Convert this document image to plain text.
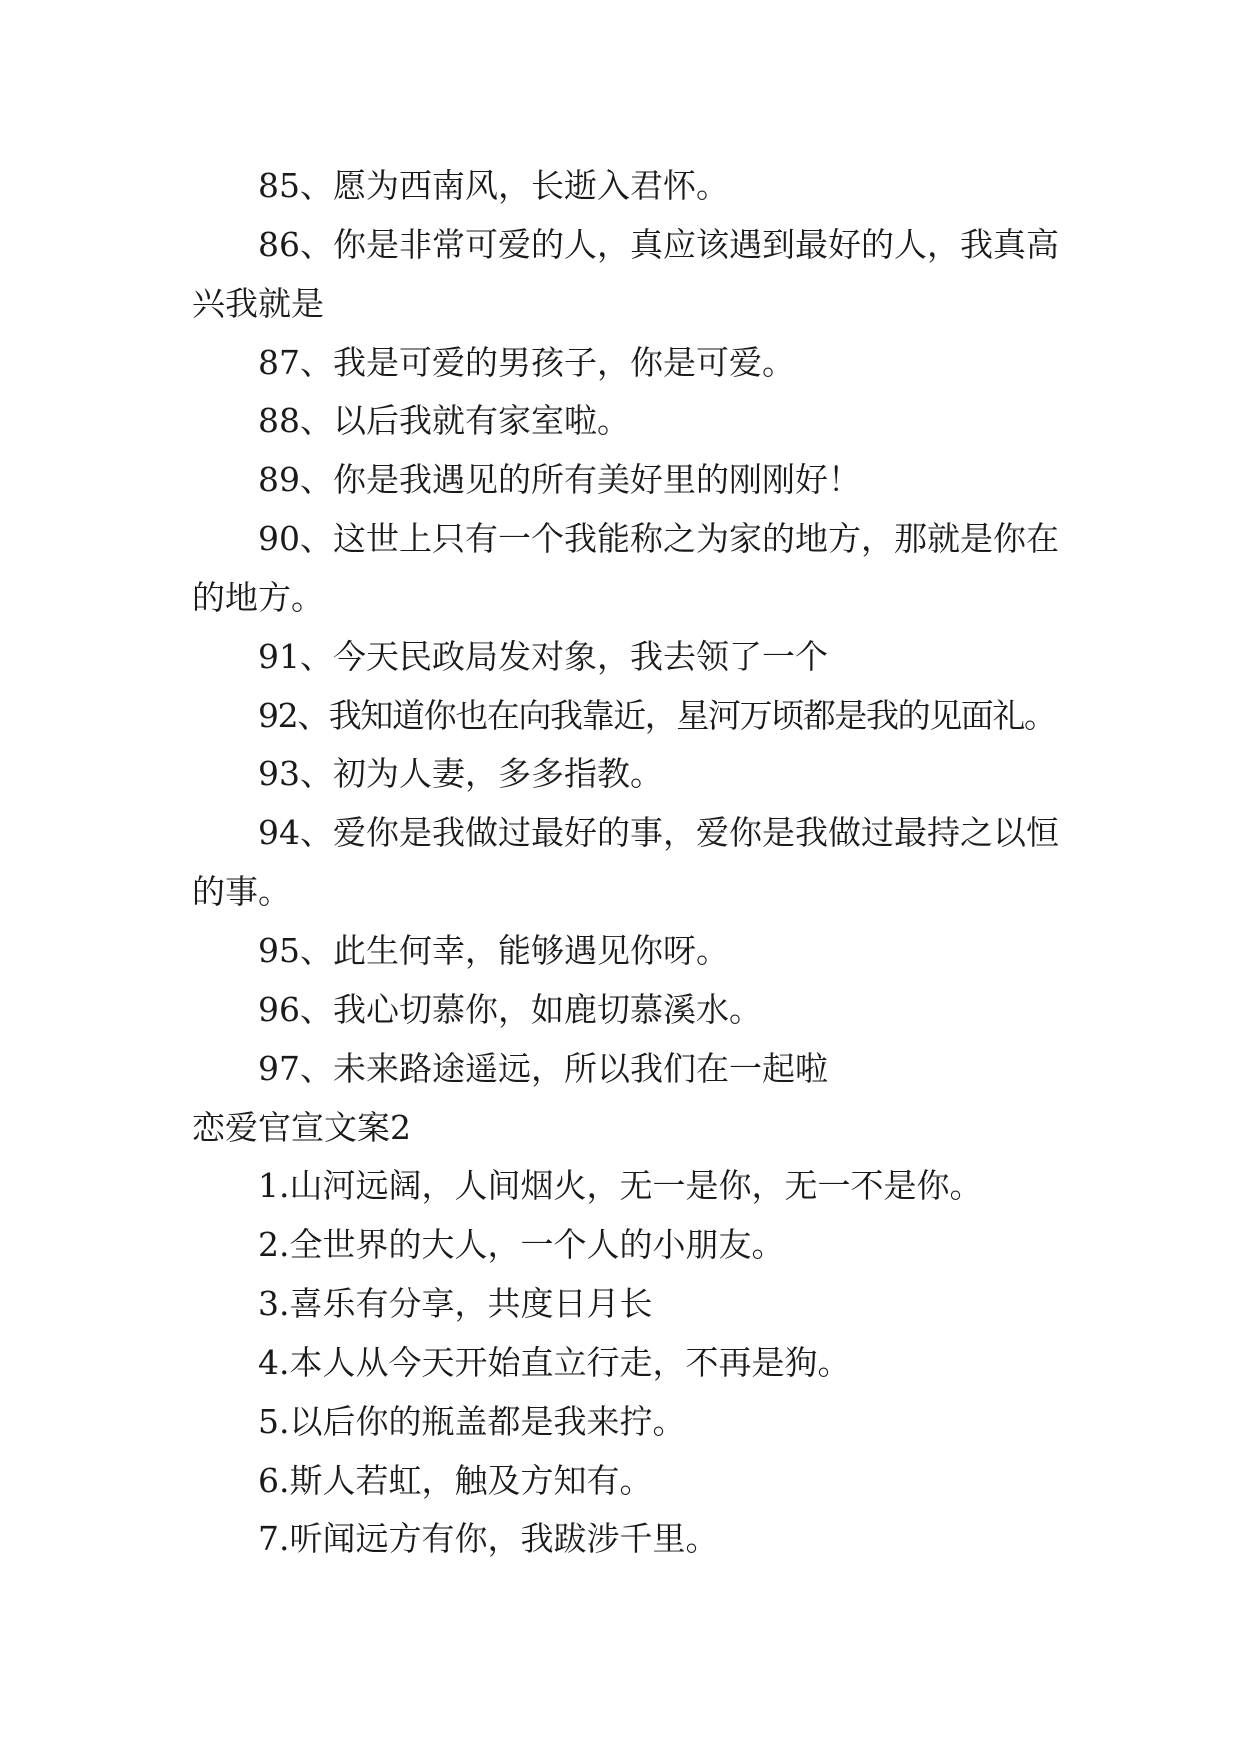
85、愿为西南风，长逝入君怀。
86、你是非常可爱的人，真应该遇到最好的人，我真高
兴我就是
87、我是可爱的男孩子，你是可爱。
88、以后我就有家室啦。
89、你是我遇见的所有美好里的刚刚好！
90、这世上只有一个我能称之为家的地方，那就是你在
的地方。
91、今天民政局发对象，我去领了一个
92、我知道你也在向我靠近，星河万顷都是我的见面礼。
93、初为人妻，多多指教。
94、爱你是我做过最好的事，爱你是我做过最持之以恒
的事。
95、此生何幸，能够遇见你呀。
96、我心切慕你，如鹿切慕溪水。
97、未来路途遥远，所以我们在一起啦
恋爱官宣文案2
1.山河远阔，人间烟火，无一是你，无一不是你。
2.全世界的大人，一个人的小朋友。
3.喜乐有分享，共度日月长
4.本人从今天开始直立行走，不再是狗。
5.以后你的瓶盖都是我来拧。
6.斯人若虹，触及方知有。
7.听闻远方有你，我跋涉千里。
